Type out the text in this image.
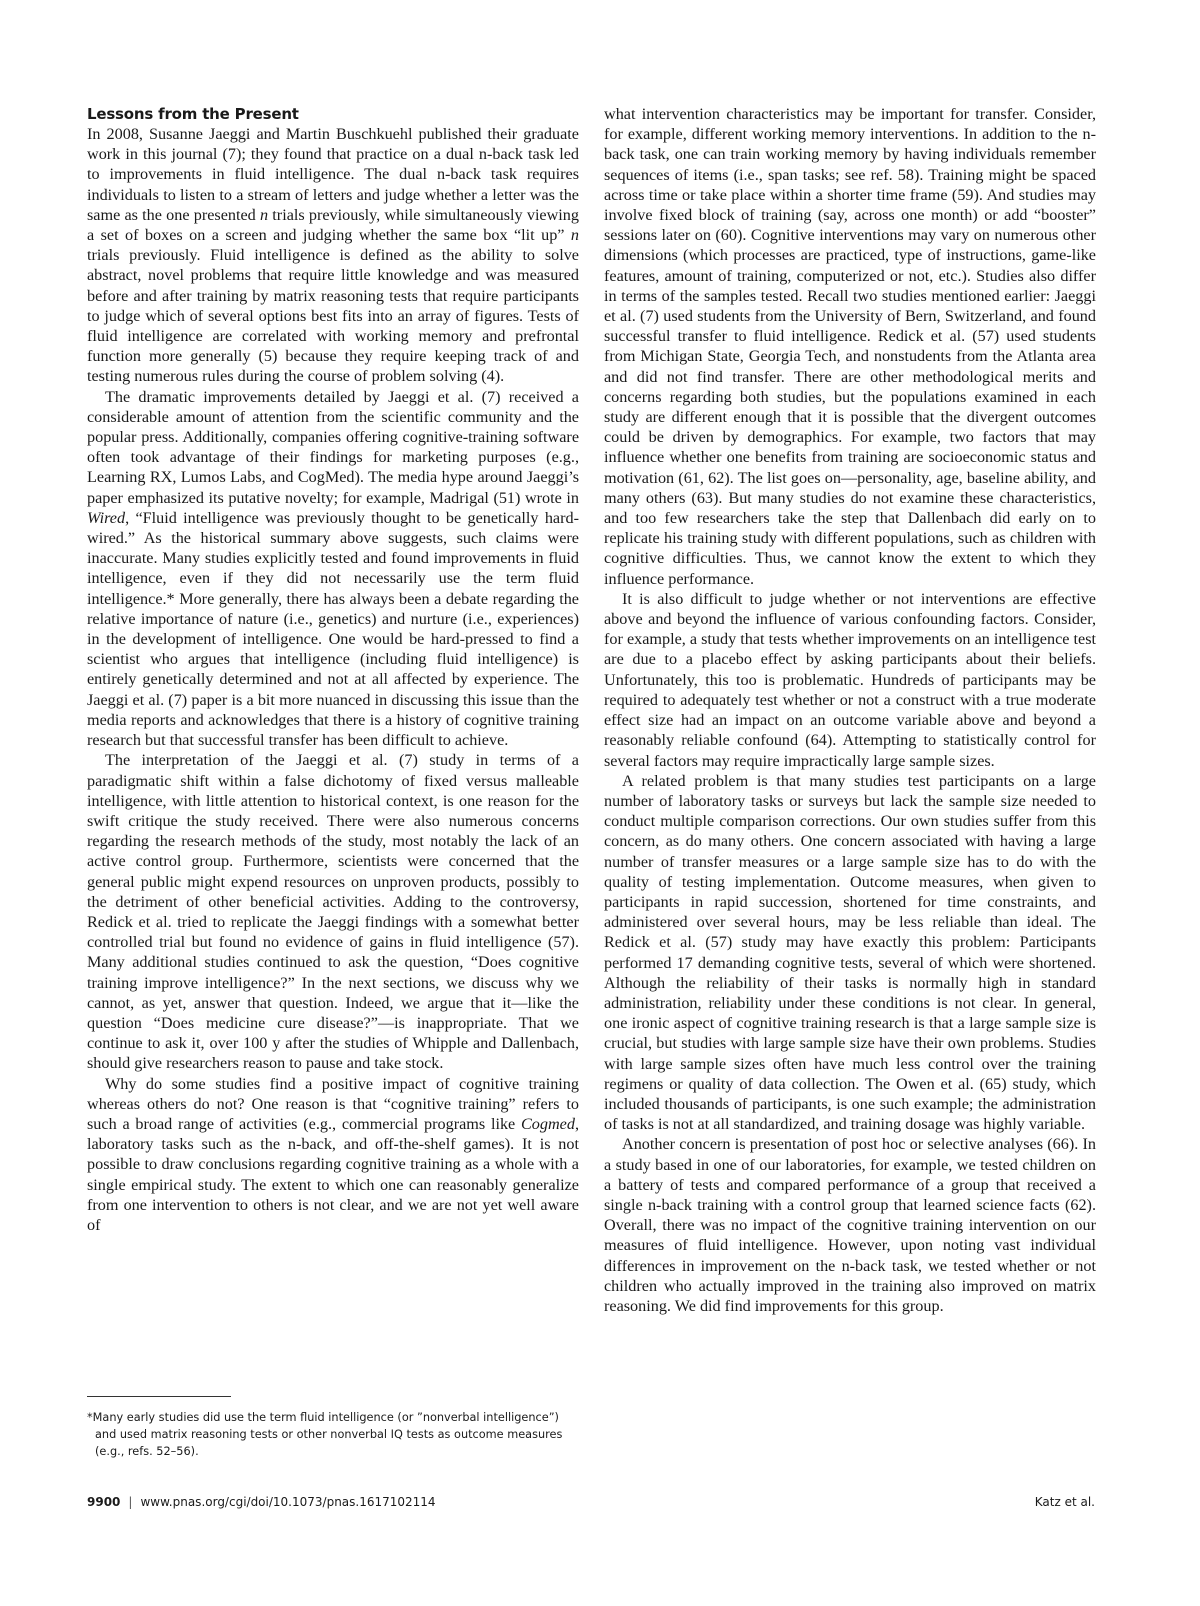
Lessons from the Present

In 2008, Susanne Jaeggi and Martin Buschkuehl published their graduate work in this journal (7); they found that practice on a dual n-back task led to improvements in fluid intelligence. The dual n-back task requires individuals to listen to a stream of letters and judge whether a letter was the same as the one presented n trials previously, while simultaneously viewing a set of boxes on a screen and judging whether the same box “lit up” n trials previously. Fluid intelligence is defined as the ability to solve abstract, novel problems that require little knowledge and was measured before and after training by matrix reasoning tests that require participants to judge which of several options best fits into an array of figures. Tests of fluid intelligence are correlated with working memory and prefrontal function more generally (5) because they require keeping track of and testing numerous rules during the course of problem solving (4).

The dramatic improvements detailed by Jaeggi et al. (7) received a considerable amount of attention from the scientific community and the popular press. Additionally, companies offering cognitive-training software often took advantage of their findings for marketing purposes (e.g., Learning RX, Lumos Labs, and CogMed). The media hype around Jaeggi’s paper emphasized its putative novelty; for example, Madrigal (51) wrote in Wired, “Fluid intelligence was previously thought to be genetically hard-wired.” As the historical summary above suggests, such claims were inaccurate. Many studies explicitly tested and found improvements in fluid intelligence, even if they did not necessarily use the term fluid intelligence.* More generally, there has always been a debate regarding the relative importance of nature (i.e., genetics) and nurture (i.e., experiences) in the development of intelligence. One would be hard-pressed to find a scientist who argues that intelligence (including fluid intelligence) is entirely genetically determined and not at all affected by experience. The Jaeggi et al. (7) paper is a bit more nuanced in discussing this issue than the media reports and acknowledges that there is a history of cognitive training research but that successful transfer has been difficult to achieve.

The interpretation of the Jaeggi et al. (7) study in terms of a paradigmatic shift within a false dichotomy of fixed versus malleable intelligence, with little attention to historical context, is one reason for the swift critique the study received. There were also numerous concerns regarding the research methods of the study, most notably the lack of an active control group. Furthermore, scientists were concerned that the general public might expend resources on unproven products, possibly to the detriment of other beneficial activities. Adding to the controversy, Redick et al. tried to replicate the Jaeggi findings with a somewhat better controlled trial but found no evidence of gains in fluid intelligence (57). Many additional studies continued to ask the question, “Does cognitive training improve intelligence?” In the next sections, we discuss why we cannot, as yet, answer that question. Indeed, we argue that it—like the question “Does medicine cure disease?”—is inappropriate. That we continue to ask it, over 100 y after the studies of Whipple and Dallenbach, should give researchers reason to pause and take stock.

Why do some studies find a positive impact of cognitive training whereas others do not? One reason is that “cognitive training” refers to such a broad range of activities (e.g., commercial programs like Cogmed, laboratory tasks such as the n-back, and off-the-shelf games). It is not possible to draw conclusions regarding cognitive training as a whole with a single empirical study. The extent to which one can reasonably generalize from one intervention to others is not clear, and we are not yet well aware of

what intervention characteristics may be important for transfer. Consider, for example, different working memory interventions. In addition to the n-back task, one can train working memory by having individuals remember sequences of items (i.e., span tasks; see ref. 58). Training might be spaced across time or take place within a shorter time frame (59). And studies may involve fixed block of training (say, across one month) or add “booster” sessions later on (60). Cognitive interventions may vary on numerous other dimensions (which processes are practiced, type of instructions, game-like features, amount of training, computerized or not, etc.). Studies also differ in terms of the samples tested. Recall two studies mentioned earlier: Jaeggi et al. (7) used students from the University of Bern, Switzerland, and found successful transfer to fluid intelligence. Redick et al. (57) used students from Michigan State, Georgia Tech, and nonstudents from the Atlanta area and did not find transfer. There are other methodological merits and concerns regarding both studies, but the populations examined in each study are different enough that it is possible that the divergent outcomes could be driven by demographics. For example, two factors that may influence whether one benefits from training are socioeconomic status and motivation (61, 62). The list goes on—personality, age, baseline ability, and many others (63). But many studies do not examine these characteristics, and too few researchers take the step that Dallenbach did early on to replicate his training study with different populations, such as children with cognitive difficulties. Thus, we cannot know the extent to which they influence performance.

It is also difficult to judge whether or not interventions are effective above and beyond the influence of various confounding factors. Consider, for example, a study that tests whether improvements on an intelligence test are due to a placebo effect by asking participants about their beliefs. Unfortunately, this too is problematic. Hundreds of participants may be required to adequately test whether or not a construct with a true moderate effect size had an impact on an outcome variable above and beyond a reasonably reliable confound (64). Attempting to statistically control for several factors may require impractically large sample sizes.

A related problem is that many studies test participants on a large number of laboratory tasks or surveys but lack the sample size needed to conduct multiple comparison corrections. Our own studies suffer from this concern, as do many others. One concern associated with having a large number of transfer measures or a large sample size has to do with the quality of testing implementation. Outcome measures, when given to participants in rapid succession, shortened for time constraints, and administered over several hours, may be less reliable than ideal. The Redick et al. (57) study may have exactly this problem: Participants performed 17 demanding cognitive tests, several of which were shortened. Although the reliability of their tasks is normally high in standard administration, reliability under these conditions is not clear. In general, one ironic aspect of cognitive training research is that a large sample size is crucial, but studies with large sample size have their own problems. Studies with large sample sizes often have much less control over the training regimens or quality of data collection. The Owen et al. (65) study, which included thousands of participants, is one such example; the administration of tasks is not at all standardized, and training dosage was highly variable.

Another concern is presentation of post hoc or selective analyses (66). In a study based in one of our laboratories, for example, we tested children on a battery of tests and compared performance of a group that received a single n-back training with a control group that learned science facts (62). Overall, there was no impact of the cognitive training intervention on our measures of fluid intelligence. However, upon noting vast individual differences in improvement on the n-back task, we tested whether or not children who actually improved in the training also improved on matrix reasoning. We did find improvements for this group.

*Many early studies did use the term fluid intelligence (or ”nonverbal intelligence”) and used matrix reasoning tests or other nonverbal IQ tests as outcome measures (e.g., refs. 52–56).
9900 | www.pnas.org/cgi/doi/10.1073/pnas.1617102114	Katz et al.
